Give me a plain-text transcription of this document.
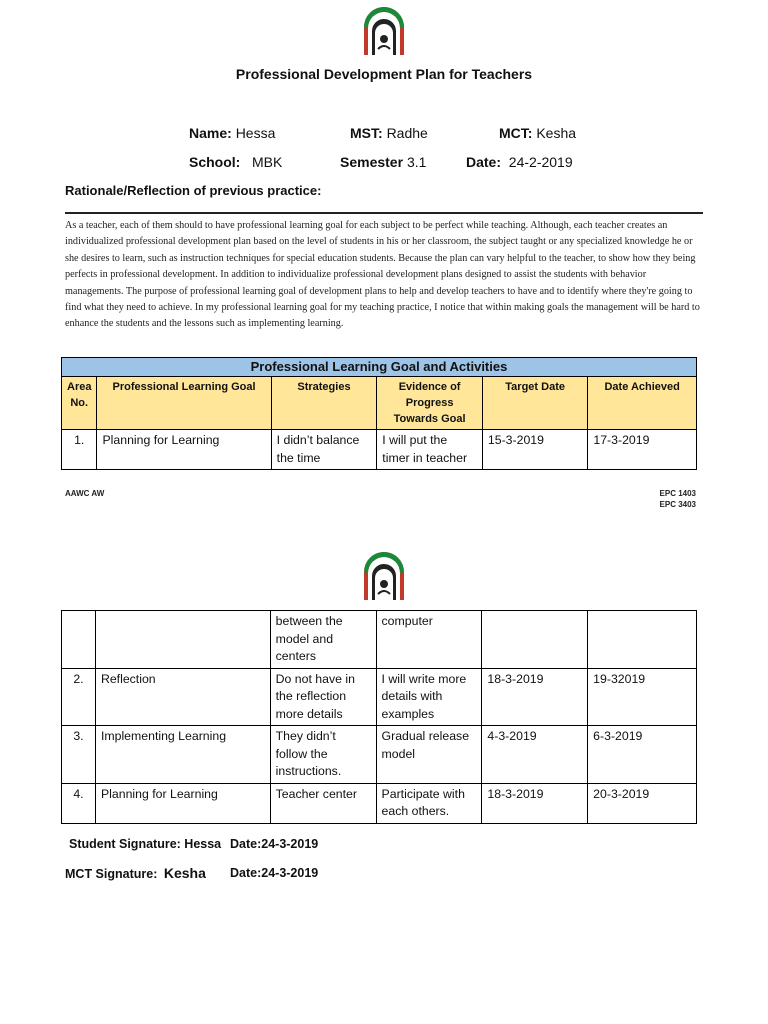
Professional Development Plan for Teachers
Name: Hessa	MST: Radhe	MCT: Kesha
School: MBK	Semester 3.1	Date: 24-2-2019
Rationale/Reflection of previous practice:
As a teacher, each of them should to have professional learning goal for each subject to be perfect while teaching. Although, each teacher creates an individualized professional development plan based on the level of students in his or her classroom, the subject taught or any specialized knowledge he or she desires to learn, such as instruction techniques for special education students. Because the plan can vary helpful to the teacher, to show how they being perfects in professional development. In addition to individualize professional development plans designed to assist the students with behavior managements. The purpose of professional learning goal of development plans to help and develop teachers to have and to identify where they're going to find what they need to achieve. In my professional learning goal for my teaching practice, I notice that within making goals the management will be hard to enhance the students and the lessons such as implementing learning.
Professional Learning Goal and Activities					
Area No.	Professional Learning Goal	Strategies	Evidence of Progress Towards Goal	Target Date	Date Achieved
1.	Planning for Learning	I didn’t balance the time	I will put the timer in teacher	15-3-2019	17-3-2019
AAWC AW	EPC 1403
EPC 3403
		between the model and centers	computer		
2.	Reflection	Do not have in the reflection more details	I will write more details with examples	18-3-2019	19-32019
3.	Implementing Learning	They didn’t follow the instructions.	Gradual release model	4-3-2019	6-3-2019
4.	Planning for Learning	Teacher center	Participate with each others.	18-3-2019	20-3-2019
Student Signature: Hessa Date:24-3-2019
MCT Signature: Kesha Date:24-3-2019
